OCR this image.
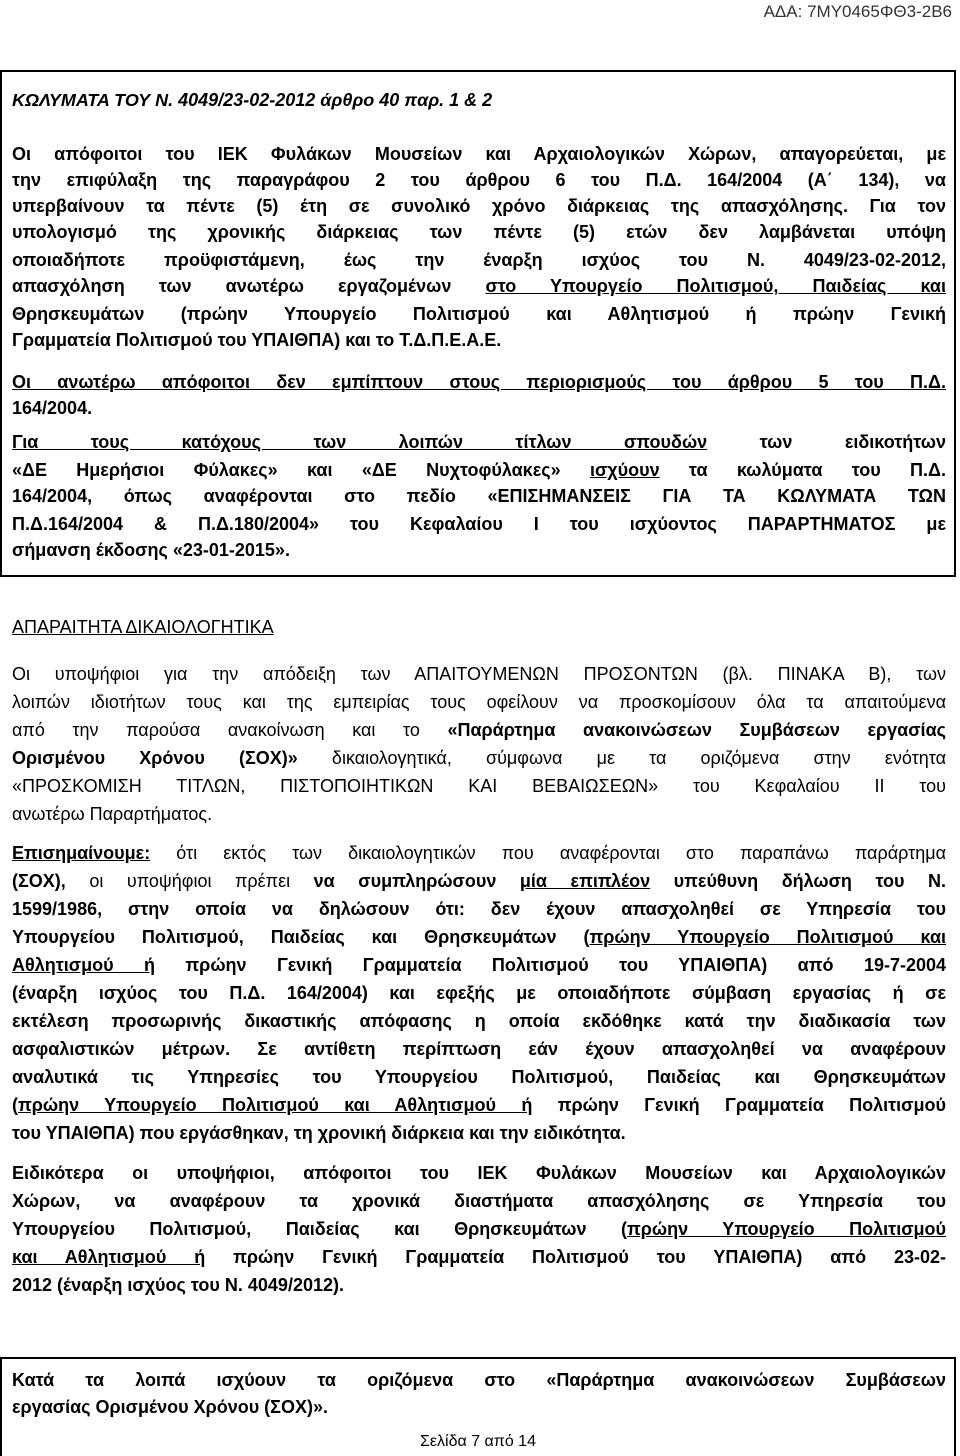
ΑΔΑ: 7ΜΥ0465ΦΘ3-2Β6
ΚΩΛΥΜΑΤΑ ΤΟΥ Ν. 4049/23-02-2012 άρθρο 40 παρ. 1 & 2
Οι απόφοιτοι του ΙΕΚ Φυλάκων Μουσείων και Αρχαιολογικών Χώρων, απαγορεύεται, με
την επιφύλαξη της παραγράφου 2 του άρθρου 6 του Π.Δ. 164/2004 (Α΄ 134), να
υπερβαίνουν τα πέντε (5) έτη σε συνολικό χρόνο διάρκειας της απασχόλησης. Για τον
υπολογισμό της χρονικής διάρκειας των πέντε (5) ετών δεν λαμβάνεται υπόψη
οποιαδήποτε προϋφιστάμενη, έως την έναρξη ισχύος του Ν. 4049/23-02-2012,
απασχόληση των ανωτέρω εργαζομένων στο Υπουργείο Πολιτισμού, Παιδείας και
Θρησκευμάτων (πρώην Υπουργείο Πολιτισμού και Αθλητισμού ή πρώην Γενική
Γραμματεία Πολιτισμού του ΥΠΑΙΘΠΑ) και το Τ.Δ.Π.Ε.Α.Ε.
Οι ανωτέρω απόφοιτοι δεν εμπίπτουν στους περιορισμούς του άρθρου 5 του Π.Δ.
164/2004.
Για τους κατόχους των λοιπών τίτλων σπουδών των ειδικοτήτων
«ΔΕ Ημερήσιοι Φύλακες» και «ΔΕ Νυχτοφύλακες» ισχύουν τα κωλύματα του Π.Δ.
164/2004, όπως αναφέρονται στο πεδίο «ΕΠΙΣΗΜΑΝΣΕΙΣ ΓΙΑ ΤΑ ΚΩΛΥΜΑΤΑ ΤΩΝ
Π.Δ.164/2004 & Π.Δ.180/2004» του Κεφαλαίου Ι του ισχύοντος ΠΑΡΑΡΤΗΜΑΤΟΣ με
σήμανση έκδοσης «23-01-2015».
ΑΠΑΡΑΙΤΗΤΑ ΔΙΚΑΙΟΛΟΓΗΤΙΚΑ
Οι υποψήφιοι για την απόδειξη των ΑΠΑΙΤΟΥΜΕΝΩΝ ΠΡΟΣΟΝΤΩΝ (βλ. ΠΙΝΑΚΑ Β), των
λοιπών ιδιοτήτων τους και της εμπειρίας τους οφείλουν να προσκομίσουν όλα τα απαιτούμενα
από την παρούσα ανακοίνωση και το «Παράρτημα ανακοινώσεων Συμβάσεων εργασίας
Ορισμένου Χρόνου (ΣΟΧ)» δικαιολογητικά, σύμφωνα με τα οριζόμενα στην ενότητα
«ΠΡΟΣΚΟΜΙΣΗ ΤΙΤΛΩΝ, ΠΙΣΤΟΠΟΙΗΤΙΚΩΝ ΚΑΙ ΒΕΒΑΙΩΣΕΩΝ» του Κεφαλαίου ΙΙ του
ανωτέρω Παραρτήματος.
Επισημαίνουμε: ότι εκτός των δικαιολογητικών που αναφέρονται στο παραπάνω παράρτημα
(ΣΟΧ), οι υποψήφιοι πρέπει να συμπληρώσουν μία επιπλέον υπεύθυνη δήλωση του Ν.
1599/1986, στην οποία να δηλώσουν ότι: δεν έχουν απασχοληθεί σε Υπηρεσία του
Υπουργείου Πολιτισμού, Παιδείας και Θρησκευμάτων (πρώην Υπουργείο Πολιτισμού και
Αθλητισμού ή πρώην Γενική Γραμματεία Πολιτισμού του ΥΠΑΙΘΠΑ) από 19-7-2004
(έναρξη ισχύος του Π.Δ. 164/2004) και εφεξής με οποιαδήποτε σύμβαση εργασίας ή σε
εκτέλεση προσωρινής δικαστικής απόφασης η οποία εκδόθηκε κατά την διαδικασία των
ασφαλιστικών μέτρων. Σε αντίθετη περίπτωση εάν έχουν απασχοληθεί να αναφέρουν
αναλυτικά τις Υπηρεσίες του Υπουργείου Πολιτισμού, Παιδείας και Θρησκευμάτων
(πρώην Υπουργείο Πολιτισμού και Αθλητισμού ή πρώην Γενική Γραμματεία Πολιτισμού
του ΥΠΑΙΘΠΑ) που εργάσθηκαν, τη χρονική διάρκεια και την ειδικότητα.
Ειδικότερα οι υποψήφιοι, απόφοιτοι του ΙΕΚ Φυλάκων Μουσείων και Αρχαιολογικών
Χώρων, να αναφέρουν τα χρονικά διαστήματα απασχόλησης σε Υπηρεσία του
Υπουργείου Πολιτισμού, Παιδείας και Θρησκευμάτων (πρώην Υπουργείο Πολιτισμού
και Αθλητισμού ή πρώην Γενική Γραμματεία Πολιτισμού του ΥΠΑΙΘΠΑ) από 23-02-
2012 (έναρξη ισχύος του Ν. 4049/2012).
Κατά τα λοιπά ισχύουν τα οριζόμενα στο «Παράρτημα ανακοινώσεων Συμβάσεων
εργασίας Ορισμένου Χρόνου (ΣΟΧ)».
Σελίδα 7 από 14
